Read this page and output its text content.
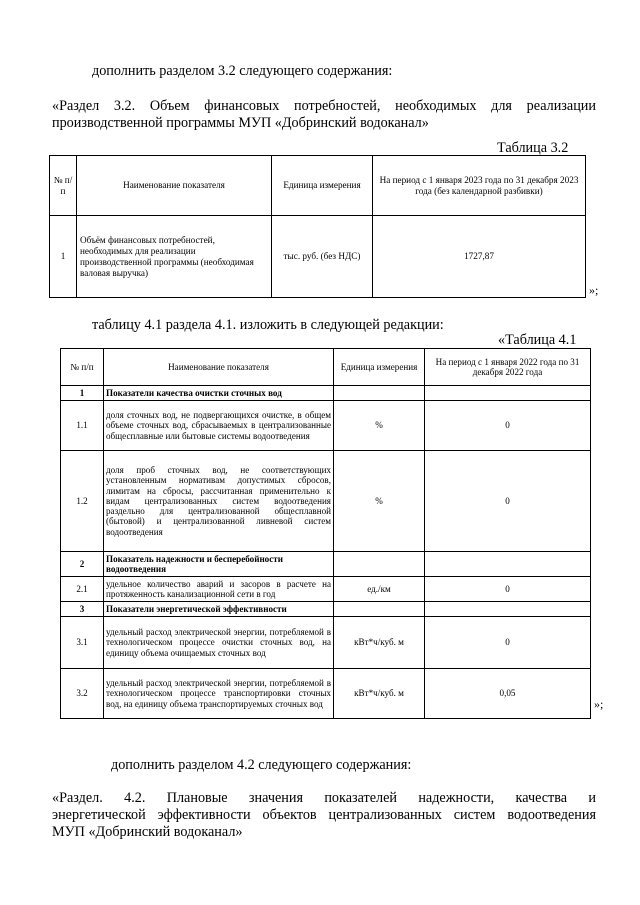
дополнить разделом 3.2 следующего содержания:
«Раздел 3.2. Объем финансовых потребностей, необходимых для реализации
производственной программы МУП «Добринский водоканал»
Таблица 3.2
№ п/п	Наименование показателя	Единица измерения	На период с 1 января 2023 года по 31 декабря 2023 года (без календарной разбивки)
1	Объём финансовых потребностей, необходимых для реализации производственной программы (необходимая валовая выручка)	тыс. руб. (без НДС)	1727,87
»;
таблицу 4.1 раздела 4.1. изложить в следующей редакции:
«Таблица 4.1
№ п/п	Наименование показателя	Единица измерения	На период с 1 января 2022 года по 31 декабря 2022 года
1	Показатели качества очистки сточных вод		
1.1	доля сточных вод, не подвергающихся очистке, в общем объеме сточных вод, сбрасываемых в централизованные общесплавные или бытовые системы водоотведения	%	0
1.2	доля проб сточных вод, не соответствующих установленным нормативам допустимых сбросов, лимитам на сбросы, рассчитанная применительно к видам централизованных систем водоотведения раздельно для централизованной общесплавной (бытовой) и централизованной ливневой систем водоотведения	%	0
2	Показатель надежности и бесперебойности водоотведения		
2.1	удельное количество аварий и засоров в расчете на протяженность канализационной сети в год	ед./км	0
3	Показатели энергетической эффективности		
3.1	удельный расход электрической энергии, потребляемой в технологическом процессе очистки сточных вод, на единицу объема очищаемых сточных вод	кВт*ч/куб. м	0
3.2	удельный расход электрической энергии, потребляемой в технологическом процессе транспортировки сточных вод, на единицу объема транспортируемых сточных вод	кВт*ч/куб. м	0,05
»;
дополнить разделом 4.2 следующего содержания:
«Раздел. 4.2. Плановые значения показателей надежности, качества и
энергетической эффективности объектов централизованных систем водоотведения
МУП «Добринский водоканал»
